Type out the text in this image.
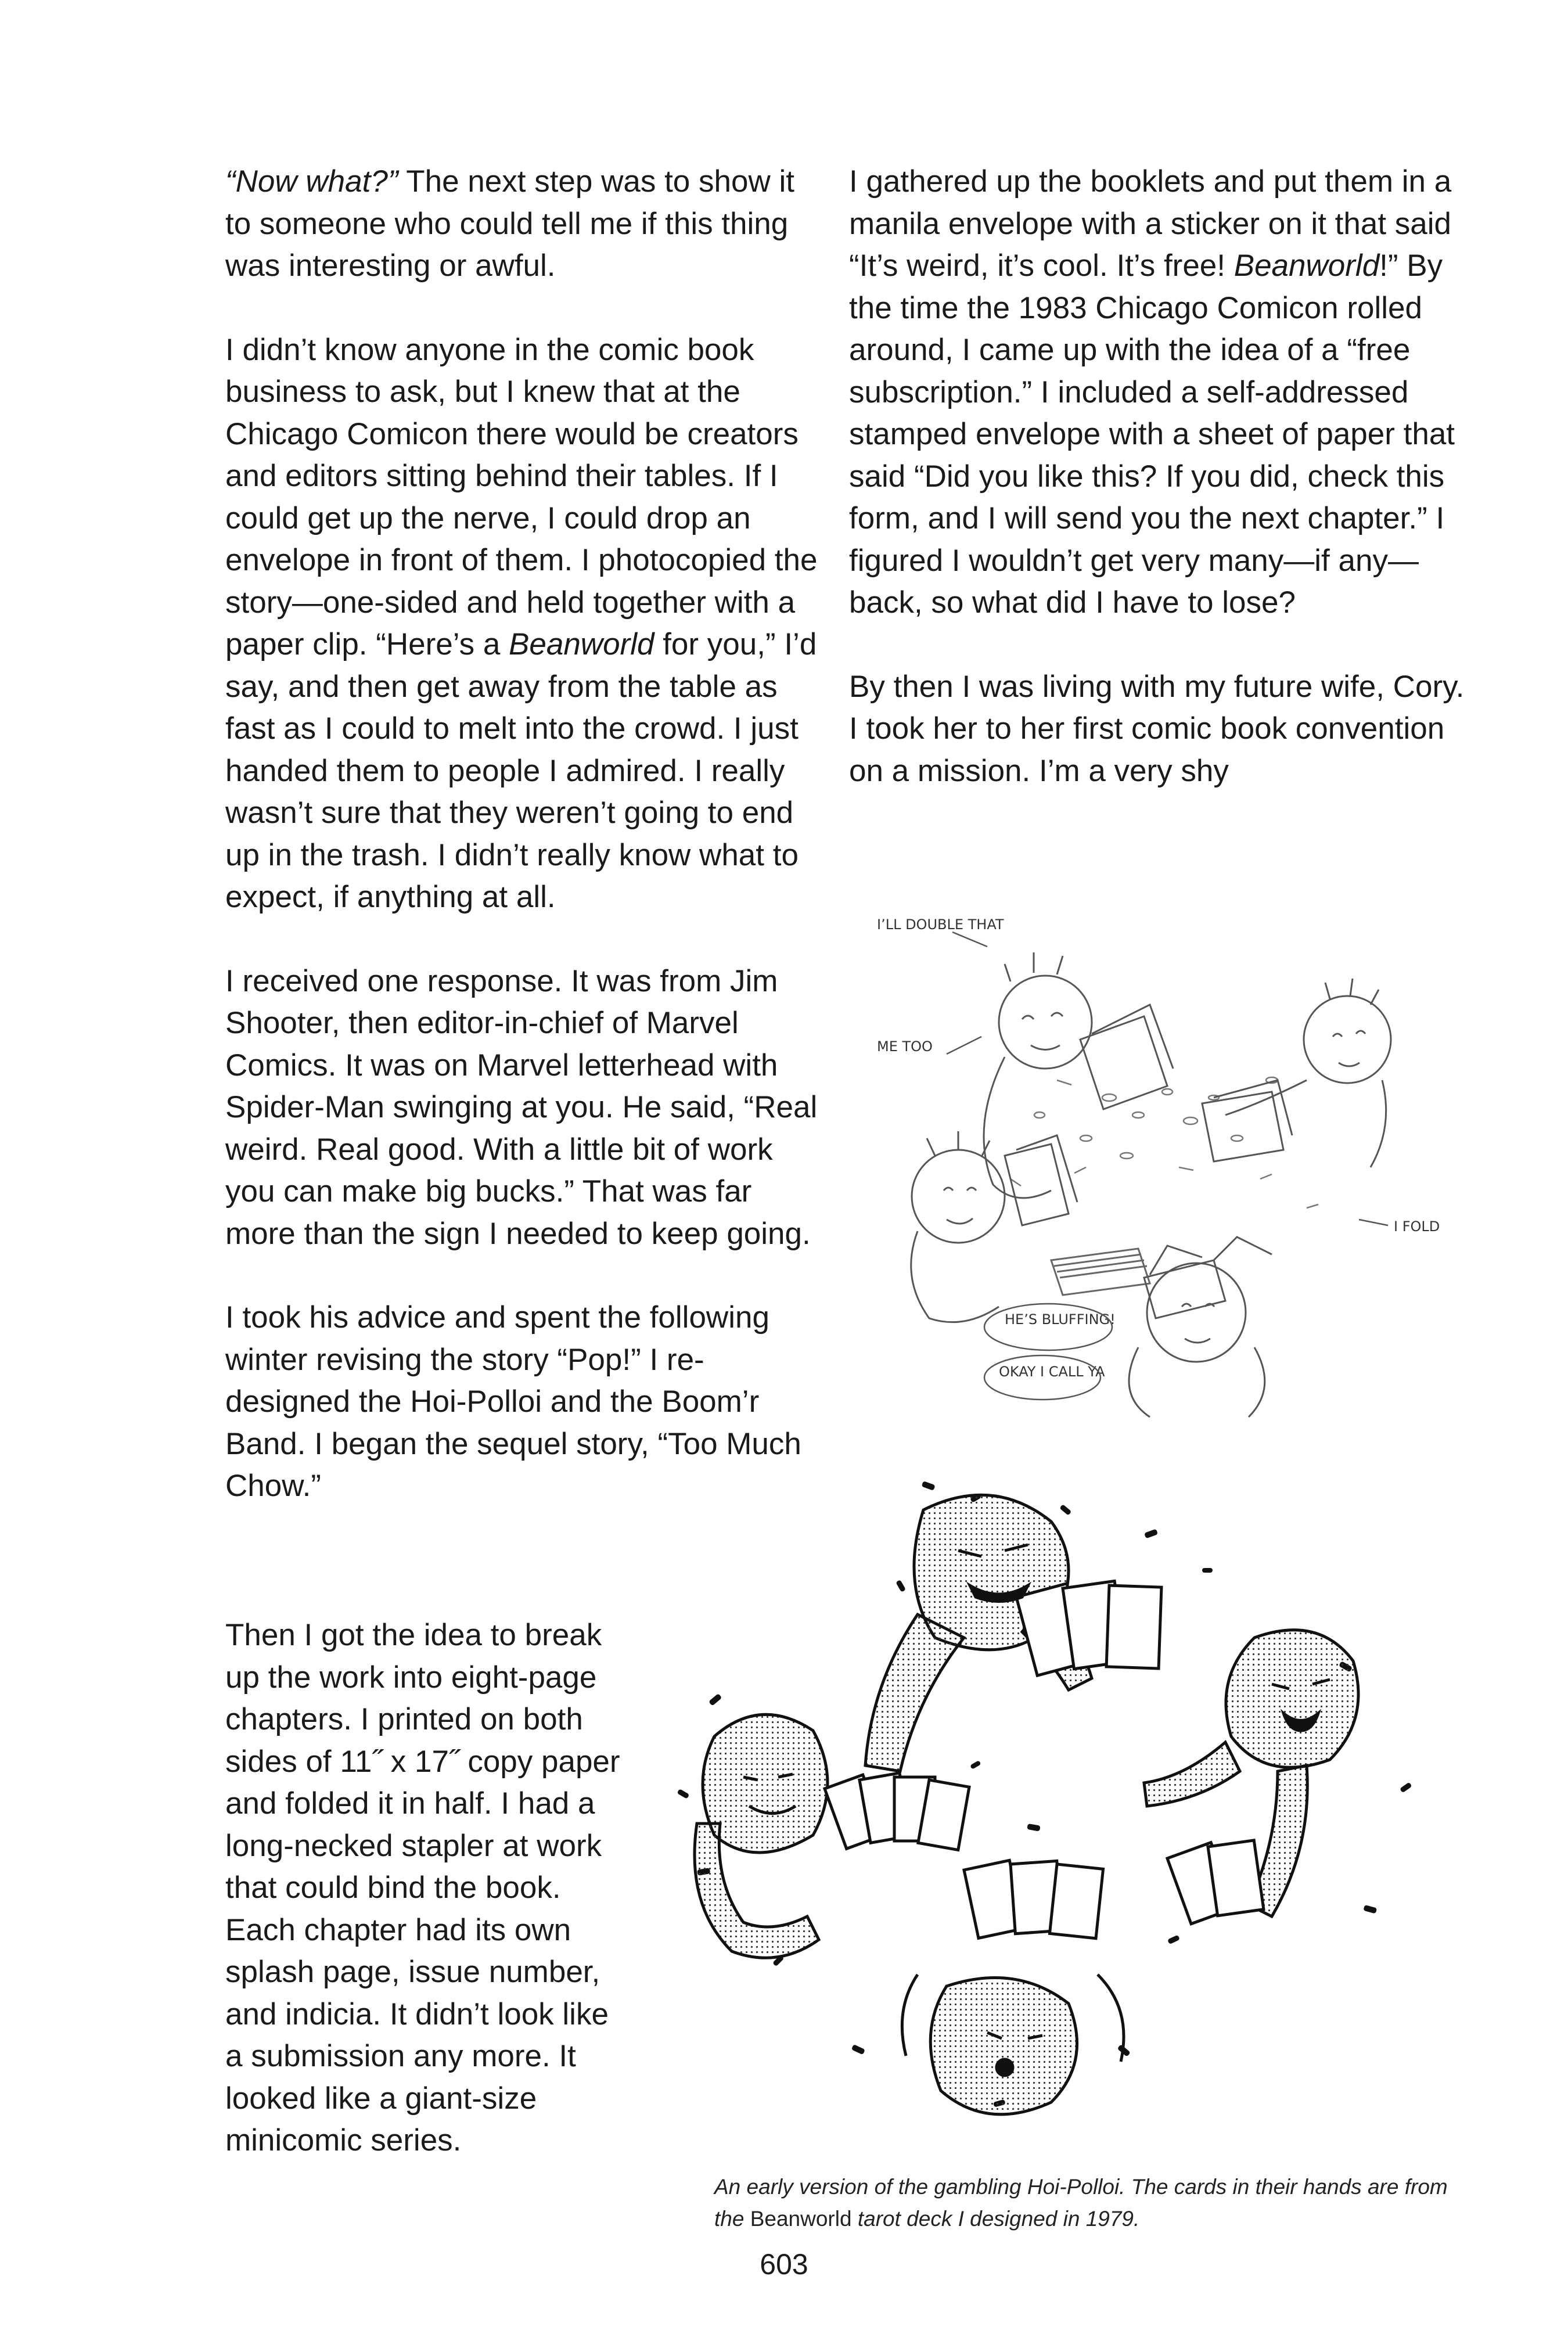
“Now what?” The next step was to show it to someone who could tell me if this thing was interesting or awful.

I didn’t know anyone in the comic book business to ask, but I knew that at the Chicago Comicon there would be creators and editors sitting behind their tables. If I could get up the nerve, I could drop an envelope in front of them. I photocopied the story—one-sided and held together with a paper clip. “Here’s a Beanworld for you,” I’d say, and then get away from the table as fast as I could to melt into the crowd. I just handed them to people I admired. I really wasn’t sure that they weren’t going to end up in the trash. I didn’t really know what to expect, if anything at all.

I received one response. It was from Jim Shooter, then editor-in-chief of Marvel Comics. It was on Marvel letterhead with Spider-Man swinging at you. He said, “Real weird. Real good. With a little bit of work you can make big bucks.” That was far more than the sign I needed to keep going.

I took his advice and spent the following winter revising the story “Pop!” I re-designed the Hoi-Polloi and the Boom’r Band. I began the sequel story, “Too Much Chow.”

Then I got the idea to break up the work into eight-page chapters. I printed on both sides of 11˝ x 17˝ copy paper and folded it in half. I had a long-necked stapler at work that could bind the book. Each chapter had its own splash page, issue number, and indicia. It didn’t look like a submission any more. It looked like a giant-size minicomic series.

I gathered up the booklets and put them in a manila envelope with a sticker on it that said “It’s weird, it’s cool. It’s free! Beanworld!” By the time the 1983 Chicago Comicon rolled around, I came up with the idea of a “free subscription.” I included a self-addressed stamped envelope with a sheet of paper that said “Did you like this? If you did, check this form, and I will send you the next chapter.” I figured I wouldn’t get very many—if any—back, so what did I have to lose?

By then I was living with my future wife, Cory. I took her to her first comic book convention on a mission. I’m a very shy

I’LL DOUBLE THAT
ME TOO
I FOLD
HE’S BLUFFING!
OKAY I CALL YA
An early version of the gambling Hoi-Polloi. The cards in their hands are from the Beanworld tarot deck I designed in 1979.
603
